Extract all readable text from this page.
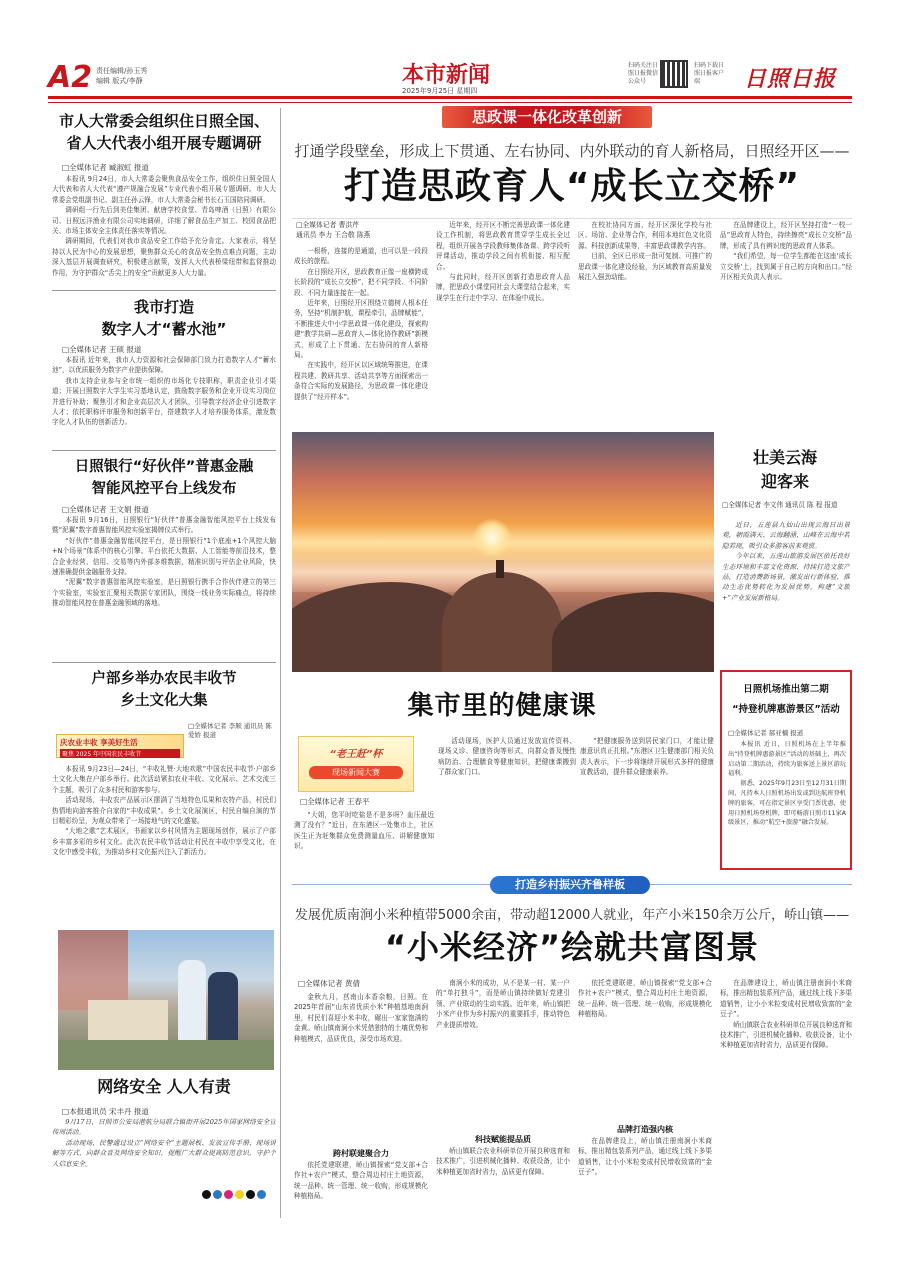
A2 责任编辑/孙玉秀
编辑 版式/李静	本市新闻
2025年9月25日 星期四
扫码关注日照日报微信公众号
扫码下载日照日报客户端	日照日报
市人大常委会组织住日照全国、省人大代表小组开展专题调研
□全媒体记者 臧淑虹 报道

本报讯 9月24日，市人大常委会聚焦食品安全工作，组织住日照全国人大代表和省人大代表“遵产规融合发展”专业代表小组开展专题调研。市人大常委会党组副书记、副主任孙云锋，市人大常委会秘书长石玉国陪同调研。

调研组一行先后到美佳集团、献唐学校食堂、青岛啤酒（日照）有限公司、日照远洋渔业有限公司实地调研，详细了解食品生产加工、校园食品把关、市场主体安全主体责任落实等情况。

调研期间，代表们对我市食品安全工作给予充分肯定。大家表示，将坚持以人民为中心的发展思想，聚焦群众关心的食品安全热点难点问题，主动深入基层开展调查研究，积极建言献策，发挥人大代表桥梁纽带和监督推动作用，为守护群众“舌尖上的安全”贡献更多人大力量。

我市打造
数字人才“蓄水池”
□全媒体记者 王硕 报道

本报讯 近年来，我市人力资源和社会保障部门致力打造数字人才“蓄水池”，以优质服务为数字产业提供保障。

我市支持企业参与全市统一组织的市场化专技职称，职责企业引才渠道；开展日照数字大学生实习基地认定，鼓励数字服务和企业开设实习岗位并进行补助；聚焦引才和企业高层次人才团队，引导数字经济企业引进数字人才；依托职称评审服务和创新平台，搭建数字人才培养服务体系，激发数字化人才队伍的创新活力。

日照银行“好伙伴”普惠金融
智能风控平台上线发布
□全媒体记者 王文娟 报道

本报讯 9月16日，日照银行“好伙伴”普惠金融智能风控平台上线发布暨“泥翼”数字普惠智能风控实验室揭牌仪式举行。

“好伙伴”普惠金融智能风控平台，是日照银行“1个底座+1个风控大脑+N个场景”体系中的核心引擎。平台依托大数据、人工智能等前沿技术，整合企业经营、信用、交易等内外部多维数据，精准识别与评估企业风险，快速准确提供金融服务支持。

“泥翼”数字普惠智能风控实验室，是日照银行携手合作伙伴建立的第三个实验室，实验室汇聚相关数据专家团队，围绕一线业务实际痛点，将持续推动智能风控在普惠金融领域的落地。

户部乡举办农民丰收节
乡土文化大集
庆农业丰收 享美好生活
聚焦 2025 年中国农民丰收节
□全媒体记者 李顺 通讯员 陈爱娇 报道

本报讯 9月23日—24日，“丰收礼赞·大地欢歌”中国农民丰收节·户部乡土文化大集在户部乡举行。此次活动紧扣农业丰收、文化展示、艺术交流三个主题，吸引了众多村民和游客参与。

活动现场，丰收农产品展示区摆满了当地特色瓜果和农特产品，村民们热情地向游客推介自家的“丰收成果”。乡土文化展演区，村民自编自演的节目精彩纷呈，为观众带来了一场接地气的文化盛宴。

“大地之歌”艺术展区，书画家以乡村风情为主题现场创作，展示了户部乡丰富多彩的乡村文化。此次农民丰收节活动让村民在丰收中享受文化，在文化中感受丰收，为推动乡村文化振兴注入了新活力。

网络安全 人人有责
□本报通讯员 宋丰丹 报道

9月17日，日照市公安局港航分局联合镇街开展2025年国家网络安全宣传周活动。

活动现场，民警通过设立“网络安全”主题展板、发放宣传手册、现场讲解等方式，向群众普及网络安全知识，提醒广大群众提高防范意识，守护个人信息安全。

思政课一体化改革创新
打通学段壁垒，形成上下贯通、左右协同、内外联动的育人新格局，日照经开区——
打造思政育人“成长立交桥”
□全媒体记者 曹洪芹
通讯员 李力 王合敬 陈燕

一根桥，连接的是通道，也可以是一段段成长的旅程。

在日照经开区，思政教育正像一座横跨成长阶段的“成长立交桥”，把不同学段、不同阶段、不同力量连接在一起。

近年来，日照经开区围绕立德树人根本任务，坚持“机制护航，课程牵引，品牌赋能”，不断推进大中小学思政课一体化建设，探索构建“教学共研—思政育人—体化协作教研”新模式，形成了上下贯通、左右协同的育人新格局。

在实践中，经开区以区域统筹推进，在课程共建、教研共享、活动共享等方面探索出一条符合实际的发展路径，为思政课一体化建设提供了“经开样本”。

近年来，经开区不断完善思政课一体化建设工作机制，将思政教育贯穿学生成长全过程，组织开展各学段教师集体备课、跨学段听评课活动，推动学段之间有机衔接、相互配合。

与此同时，经开区创新打造思政育人品牌，把思政小课堂同社会大课堂结合起来，实现学生在行走中学习、在体验中成长。

在校社协同方面，经开区深化学校与社区、场馆、企业等合作，利用本地红色文化资源、科技创新成果等，丰富思政课教学内容。

目前，全区已形成一批可复制、可推广的思政课一体化建设经验，为区域教育高质量发展注入强劲动能。

在品牌建设上，经开区坚持打造“一校一品”思政育人特色，持续擦亮“成长立交桥”品牌，形成了具有辨识度的思政育人体系。

“我们希望，每一位学生都能在这座‘成长立交桥’上，找到属于自己的方向和出口。”经开区相关负责人表示。

壮美云海
迎客来
□全媒体记者 李文伟 通讯员 陈 程 报道

近日，五莲县九仙山出现云海日出景观，朝霞满天、云海翻涌，山峰在云海中若隐若现，吸引众多游客前来观赏。

今年以来，五莲山旅游发展区依托良好生态环境和丰富文化资源，持续打造文旅产品，打造消费新场景，激发出行新体验，推动生态优势转化为发展优势，构建“文旅+”产业发展新格局。

日照机场推出第二期
“持登机牌惠游景区”活动
□全媒体记者 郝亚楠 报道

本报讯 近日，日照机场在上半年推出“持登机牌惠游景区”活动的基础上，再次启动第二期活动，持续为旅客送上景区游玩福利。

据悉，2025年9月23日至12月31日期间，凡持本人日照机场出发或到达航班登机牌的旅客，可在指定景区享受门票优惠，使用日照机场登机牌，即可畅游日照市11家A级景区，推动“航空+旅游”融合发展。

集市里的健康课
“老王赶”杯
现场新闻大赛
□全媒体记者 王春平

“大姐，您平时吃盐是不是多呀？血压最近测了没有？”近日，在东港区一处集市上，社区医生正为赶集群众免费测量血压、讲解健康知识。

活动现场，医护人员通过发放宣传资料、现场义诊、健康咨询等形式，向群众普及慢性病防治、合理膳食等健康知识，把健康课搬到了群众家门口。

“把健康服务送到居民家门口，才能让健康意识真正扎根。”东港区卫生健康部门相关负责人表示，下一步将继续开展形式多样的健康宣教活动，提升群众健康素养。

打造乡村振兴齐鲁样板
发展优质南涧小米种植带5000余亩，带动超12000人就业，年产小米150余万公斤，峤山镇——
“小米经济”绘就共富图景
□全媒体记者 黄倩

金秋九月，莒南山本香杂粮，日照。在2025年首届“山东省优质小米”种植基地南涧里，村民们喜迎小米丰收，碾出一家家饱满的金黄。峤山镇南涧小米凭借独特的土壤优势和种植模式，品质优良，深受市场欢迎。

跨村联建聚合力

依托党建联建，峤山镇探索“党支部+合作社+农户”模式，整合周边村庄土地资源，统一品种、统一管理、统一收购，形成规模化种植格局。

南涧小米的成功，从不是某一村、某一户的“单打独斗”，而是峤山镇持续做好党建引领、产业联动的生动实践。近年来，峤山镇把小米产业作为乡村振兴的重要抓手，推动特色产业提质增效。

科技赋能提品质

峤山镇联合农业科研单位开展良种选育和技术推广，引进机械化播种、收获设备，让小米种植更加省时省力，品质更有保障。

依托党建联建，峤山镇探索“党支部+合作社+农户”模式，整合周边村庄土地资源，统一品种、统一管理、统一收购，形成规模化种植格局。

品牌打造强内核

在品牌建设上，峤山镇注册南涧小米商标，推出精包装系列产品，通过线上线下多渠道销售，让小小米粒变成村民增收致富的“金豆子”。

在品牌建设上，峤山镇注册南涧小米商标，推出精包装系列产品，通过线上线下多渠道销售，让小小米粒变成村民增收致富的“金豆子”。

峤山镇联合农业科研单位开展良种选育和技术推广，引进机械化播种、收获设备，让小米种植更加省时省力，品质更有保障。
